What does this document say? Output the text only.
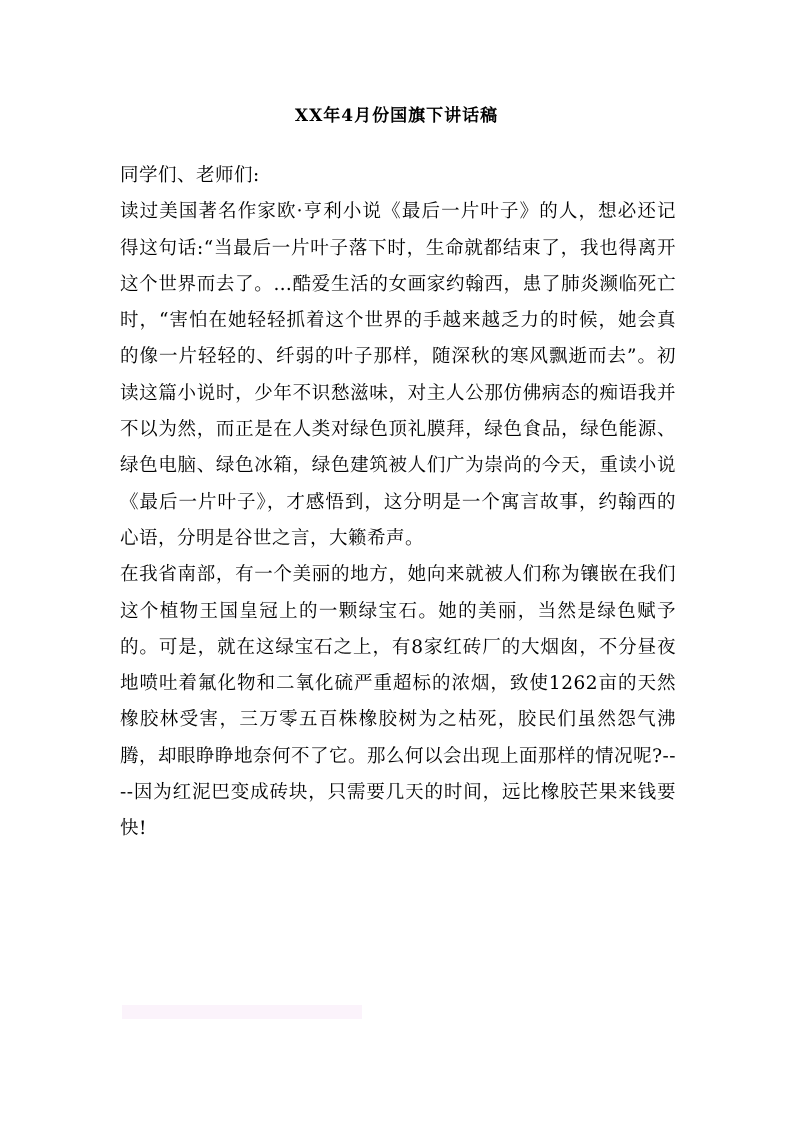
XX年4月份国旗下讲话稿

同学们、老师们:

读过美国著名作家欧·亨利小说《最后一片叶子》的人，想必还记得这句话:“当最后一片叶子落下时，生命就都结束了，我也得离开这个世界而去了。…酷爱生活的女画家约翰西，患了肺炎濒临死亡时，“害怕在她轻轻抓着这个世界的手越来越乏力的时候，她会真的像一片轻轻的、纤弱的叶子那样，随深秋的寒风飘逝而去”。初读这篇小说时，少年不识愁滋味，对主人公那仿佛病态的痴语我并不以为然，而正是在人类对绿色顶礼膜拜，绿色食品，绿色能源、绿色电脑、绿色冰箱，绿色建筑被人们广为崇尚的今天，重读小说《最后一片叶子》，才感悟到，这分明是一个寓言故事，约翰西的心语，分明是谷世之言，大籁希声。

在我省南部，有一个美丽的地方，她向来就被人们称为镶嵌在我们这个植物王国皇冠上的一颗绿宝石。她的美丽，当然是绿色赋予的。可是，就在这绿宝石之上，有8家红砖厂的大烟囱，不分昼夜地喷吐着氟化物和二氧化硫严重超标的浓烟，致使1262亩的天然橡胶林受害，三万零五百株橡胶树为之枯死，胶民们虽然怨气沸腾，却眼睁睁地奈何不了它。那么何以会出现上面那样的情况呢?----因为红泥巴变成砖块，只需要几天的时间，远比橡胶芒果来钱要快!
